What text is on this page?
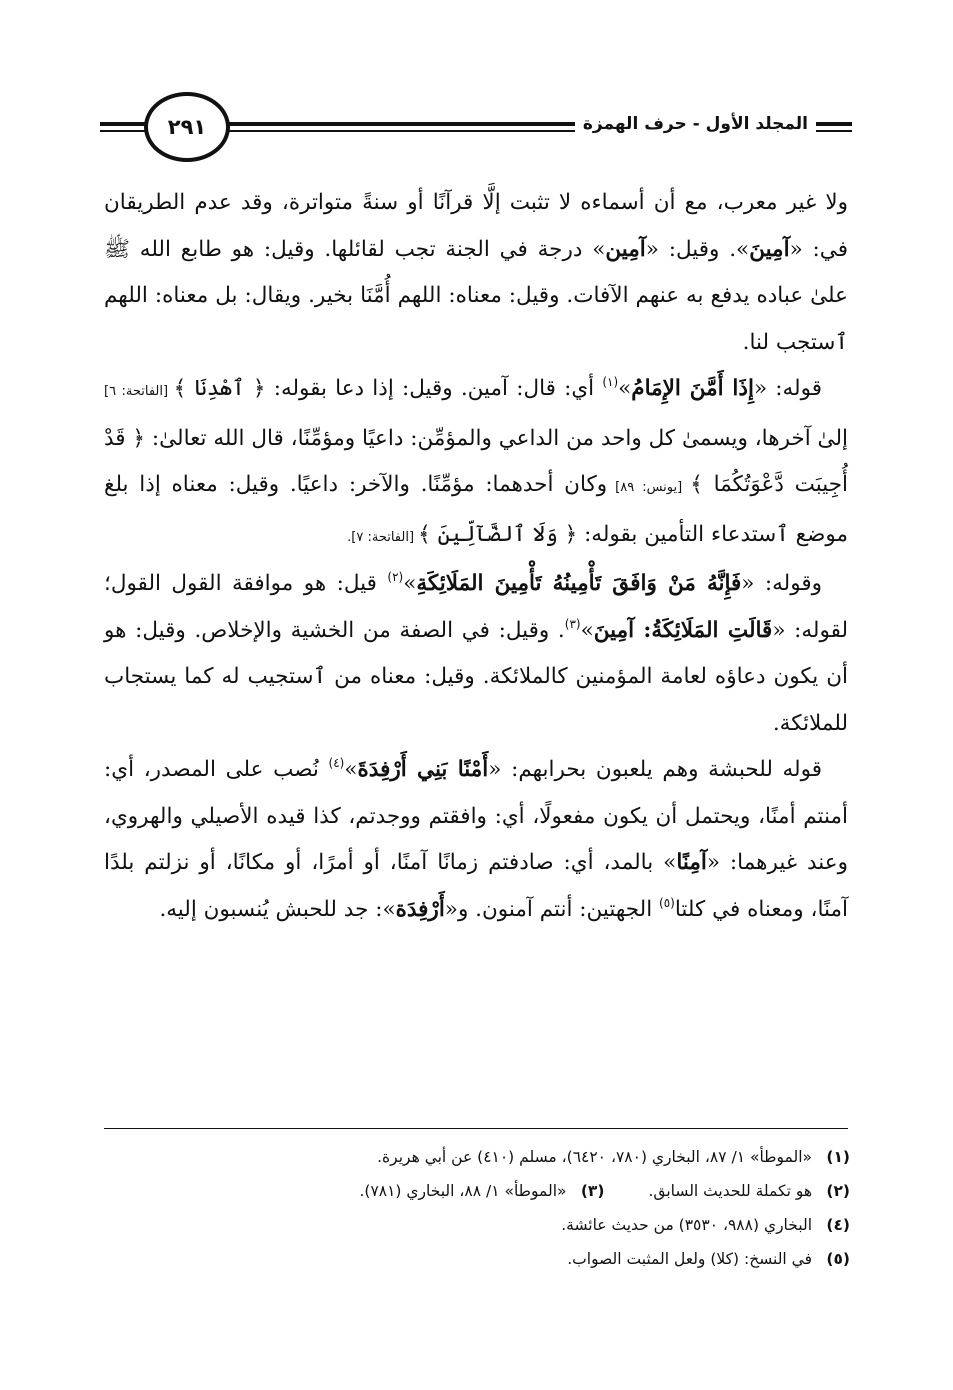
المجلد الأول - حرف الهمزة
٢٩١

ولا غير معرب، مع أن أسماءه لا تثبت إلَّا قرآنًا أو سنةً متواترة، وقد عدم الطريقان في: «آمِينَ». وقيل: «آمِين» درجة في الجنة تجب لقائلها. وقيل: هو طابع الله ﷺ علىٰ عباده يدفع به عنهم الآفات. وقيل: معناه: اللهم أُمَّنَا بخير. ويقال: بل معناه: اللهم ٱستجب لنا.

قوله: «إِذَا أَمَّنَ الإِمَامُ»$^{(١)}$ أي: قال: آمين. وقيل: إذا دعا بقوله: ﴿ ٱهْدِنَا ﴾ [الفاتحة: ٦] إلىٰ آخرها، ويسمىٰ كل واحد من الداعي والمؤمِّن: داعيًا ومؤمِّنًا، قال الله تعالىٰ: ﴿ قَدْ أُجِيبَت دَّعْوَتُكُمَا ﴾ [يونس: ٨٩] وكان أحدهما: مؤمِّنًا. والآخر: داعيًا. وقيل: معناه إذا بلغ موضع ٱستدعاء التأمين بقوله: ﴿ وَلَا ٱلضَّآلِّينَ ﴾ [الفاتحة: ٧].

وقوله: «فَإِنَّهُ مَنْ وَافَقَ تَأْمِينُهُ تَأْمِينَ المَلَائِكَةِ»$^{(٢)}$ قيل: هو موافقة القول القول؛ لقوله: «قَالَتِ المَلَائِكَةُ: آمِينَ»$^{(٣)}$. وقيل: في الصفة من الخشية والإخلاص. وقيل: هو أن يكون دعاؤه لعامة المؤمنين كالملائكة. وقيل: معناه من ٱستجيب له كما يستجاب للملائكة.

قوله للحبشة وهم يلعبون بحرابهم: «أَمْنًا بَنِي أَرْفِدَةَ»$^{(٤)}$ نُصب على المصدر، أي: أمنتم أمنًا، ويحتمل أن يكون مفعولًا، أي: وافقتم ووجدتم، كذا قيده الأصيلي والهروي، وعند غيرهما: «آمِنًا» بالمد، أي: صادفتم زمانًا آمنًا، أو أمرًا، أو مكانًا، أو نزلتم بلدًا آمنًا، ومعناه في كلتا$^{(٥)}$ الجهتين: أنتم آمنون. و«أَرْفِدَة»: جد للحبش يُنسبون إليه.

(١)«الموطأ» ١/ ٨٧، البخاري (٧٨٠، ٦٤٢٠)، مسلم (٤١٠) عن أبي هريرة.
(٢)هو تكملة للحديث السابق.(٣)«الموطأ» ١/ ٨٨، البخاري (٧٨١).
(٤)البخاري (٩٨٨، ٣٥٣٠) من حديث عائشة.
(٥)في النسخ: (كلا) ولعل المثبت الصواب.
